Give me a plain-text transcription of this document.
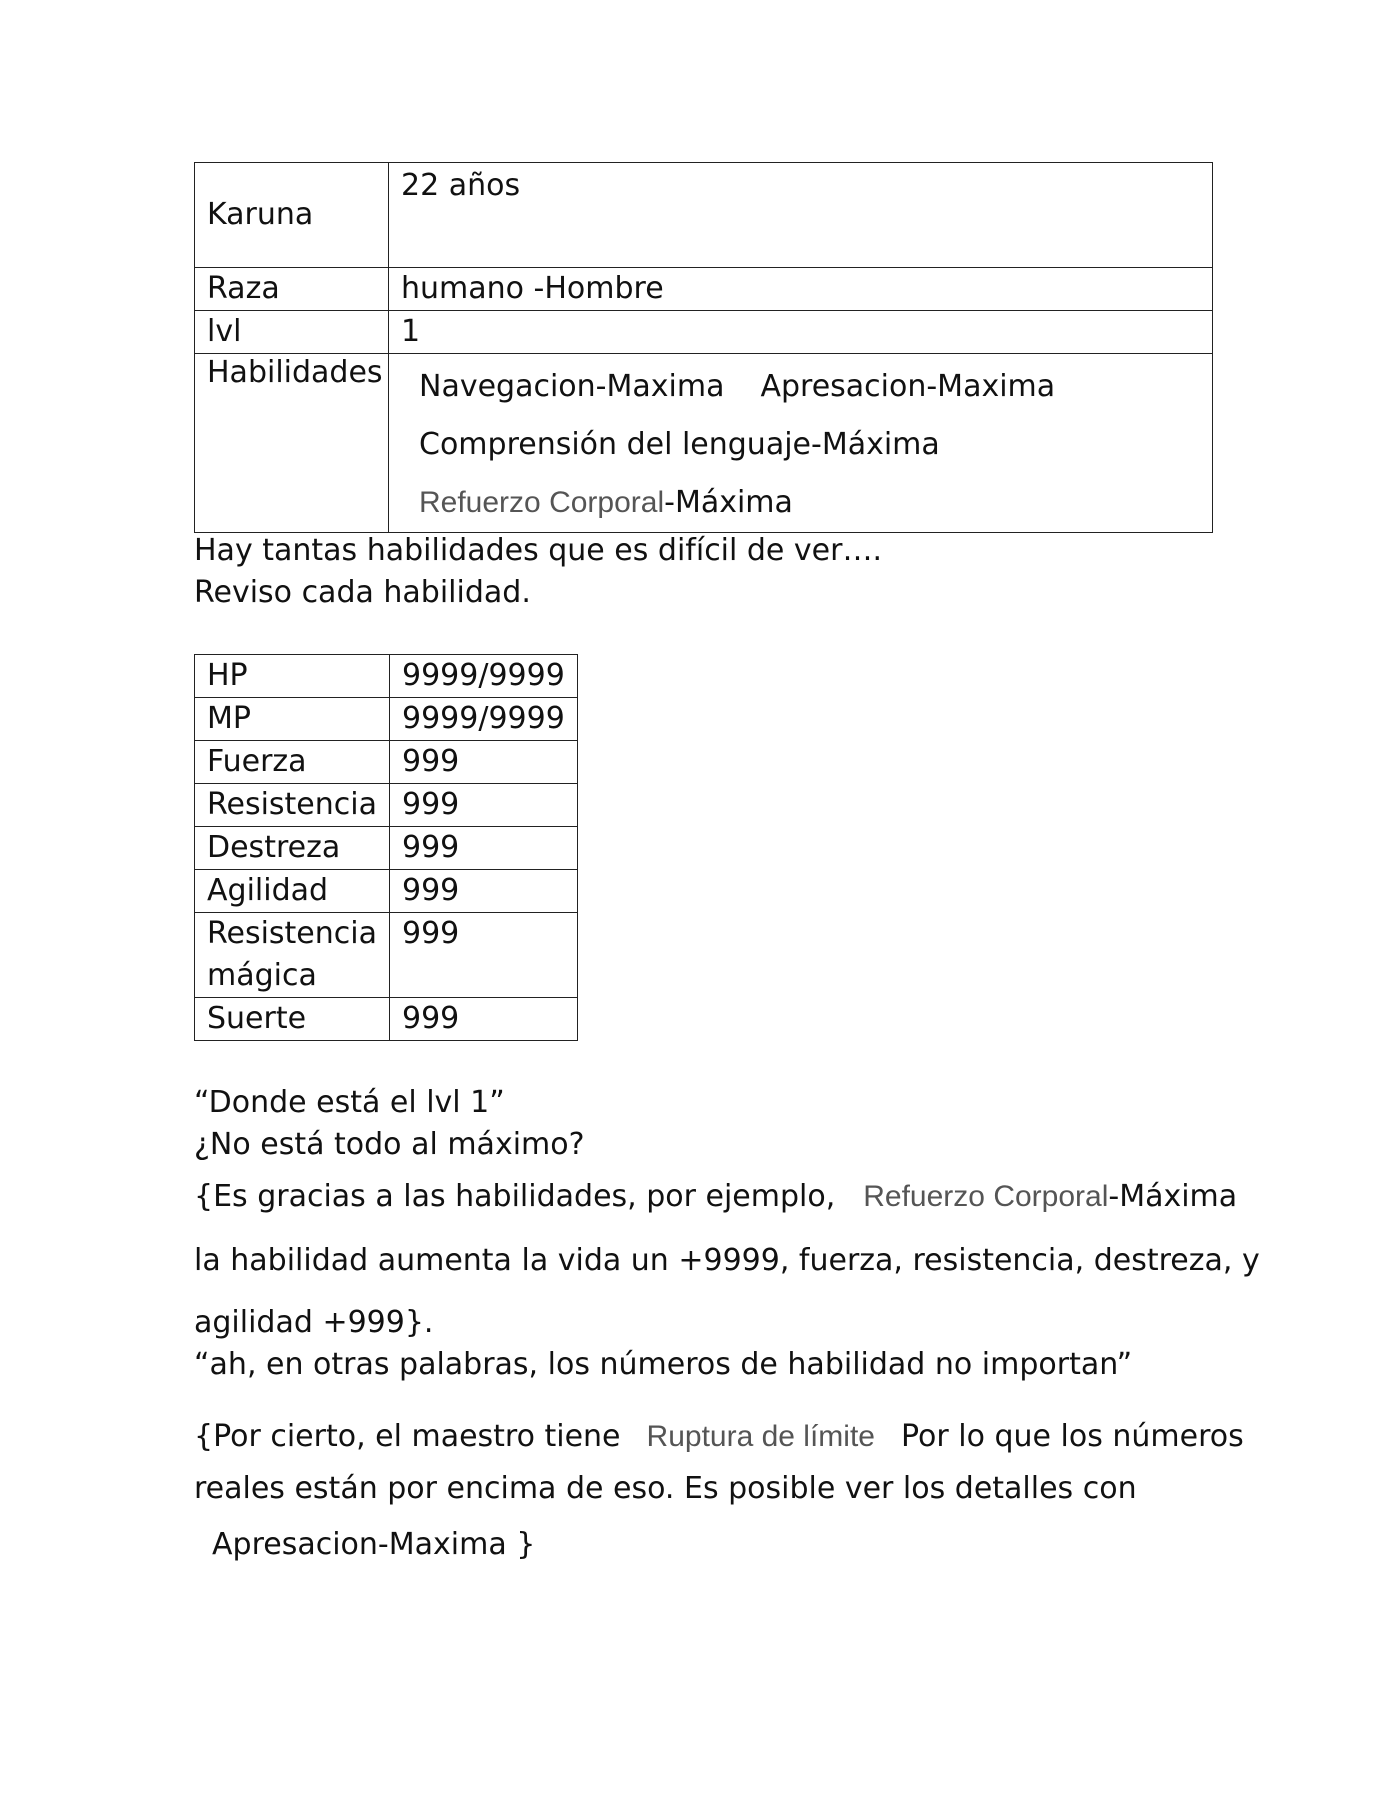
Karuna	22 años
Raza	humano -Hombre
lvl	1
Habilidades	Navegacion-Maxima Apresacion-Maxima
Comprensión del lenguaje-Máxima
Refuerzo Corporal-Máxima
Hay tantas habilidades que es difícil de ver….
Reviso cada habilidad.
HP	9999/9999
MP	9999/9999
Fuerza	999
Resistencia	999
Destreza	999
Agilidad	999
Resistencia mágica	999
Suerte	999
“Donde está el lvl 1”
¿No está todo al máximo?
{Es gracias a las habilidades, por ejemplo, Refuerzo Corporal-Máxima
la habilidad aumenta la vida un +9999, fuerza, resistencia, destreza, y
agilidad +999}.
“ah, en otras palabras, los números de habilidad no importan”
{Por cierto, el maestro tiene Ruptura de límite Por lo que los números
reales están por encima de eso. Es posible ver los detalles con
Apresacion-Maxima }
